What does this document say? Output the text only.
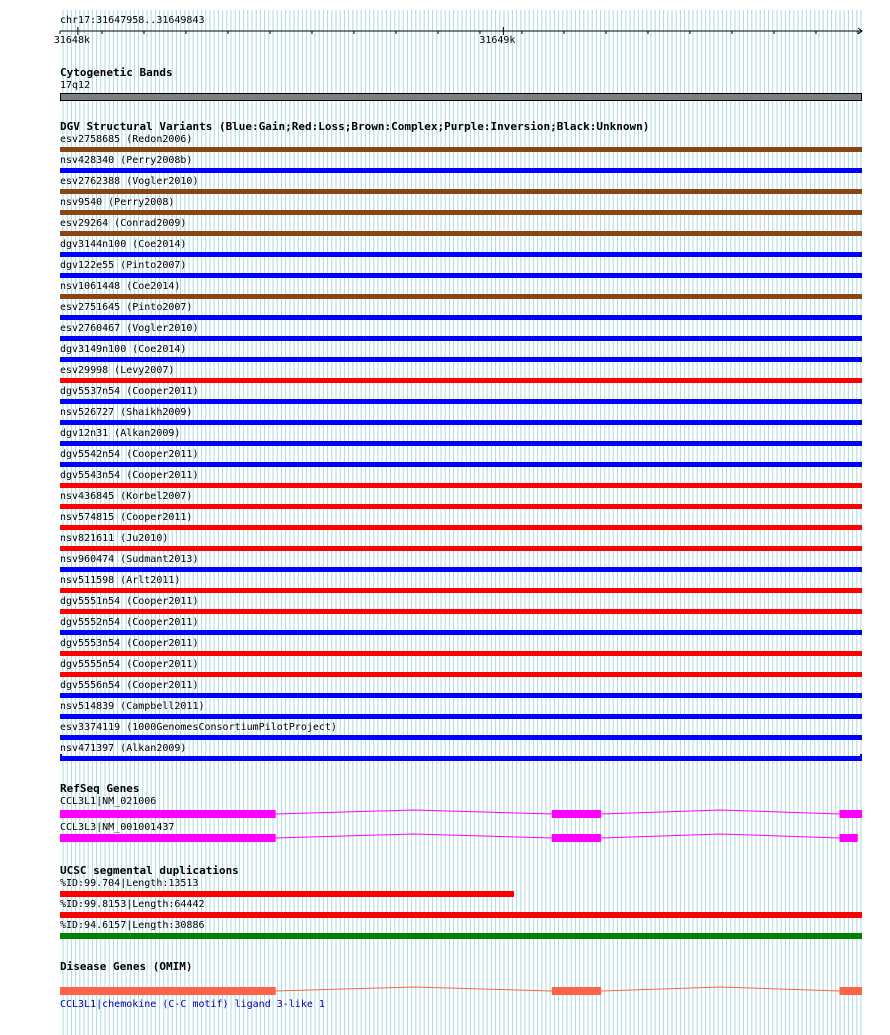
chr17:31647958..31649843
31648k	31649k
Cytogenetic Bands
17q12
DGV Structural Variants (Blue:Gain;Red:Loss;Brown:Complex;Purple:Inversion;Black:Unknown)
esv2758685 (Redon2006)
nsv428340 (Perry2008b)
esv2762388 (Vogler2010)
nsv9540 (Perry2008)
esv29264 (Conrad2009)
dgv3144n100 (Coe2014)
dgv122e55 (Pinto2007)
nsv1061448 (Coe2014)
esv2751645 (Pinto2007)
esv2760467 (Vogler2010)
dgv3149n100 (Coe2014)
esv29998 (Levy2007)
dgv5537n54 (Cooper2011)
nsv526727 (Shaikh2009)
dgv12n31 (Alkan2009)
dgv5542n54 (Cooper2011)
dgv5543n54 (Cooper2011)
nsv436845 (Korbel2007)
nsv574815 (Cooper2011)
nsv821611 (Ju2010)
nsv960474 (Sudmant2013)
nsv511598 (Arlt2011)
dgv5551n54 (Cooper2011)
dgv5552n54 (Cooper2011)
dgv5553n54 (Cooper2011)
dgv5555n54 (Cooper2011)
dgv5556n54 (Cooper2011)
nsv514839 (Campbell2011)
esv3374119 (1000GenomesConsortiumPilotProject)
nsv471397 (Alkan2009)
RefSeq Genes
CCL3L1|NM_021006
CCL3L3|NM_001001437
UCSC segmental duplications
%ID:99.704|Length:13513
%ID:99.8153|Length:64442
%ID:94.6157|Length:30886
Disease Genes (OMIM)
CCL3L1|chemokine (C-C motif) ligand 3-like 1
